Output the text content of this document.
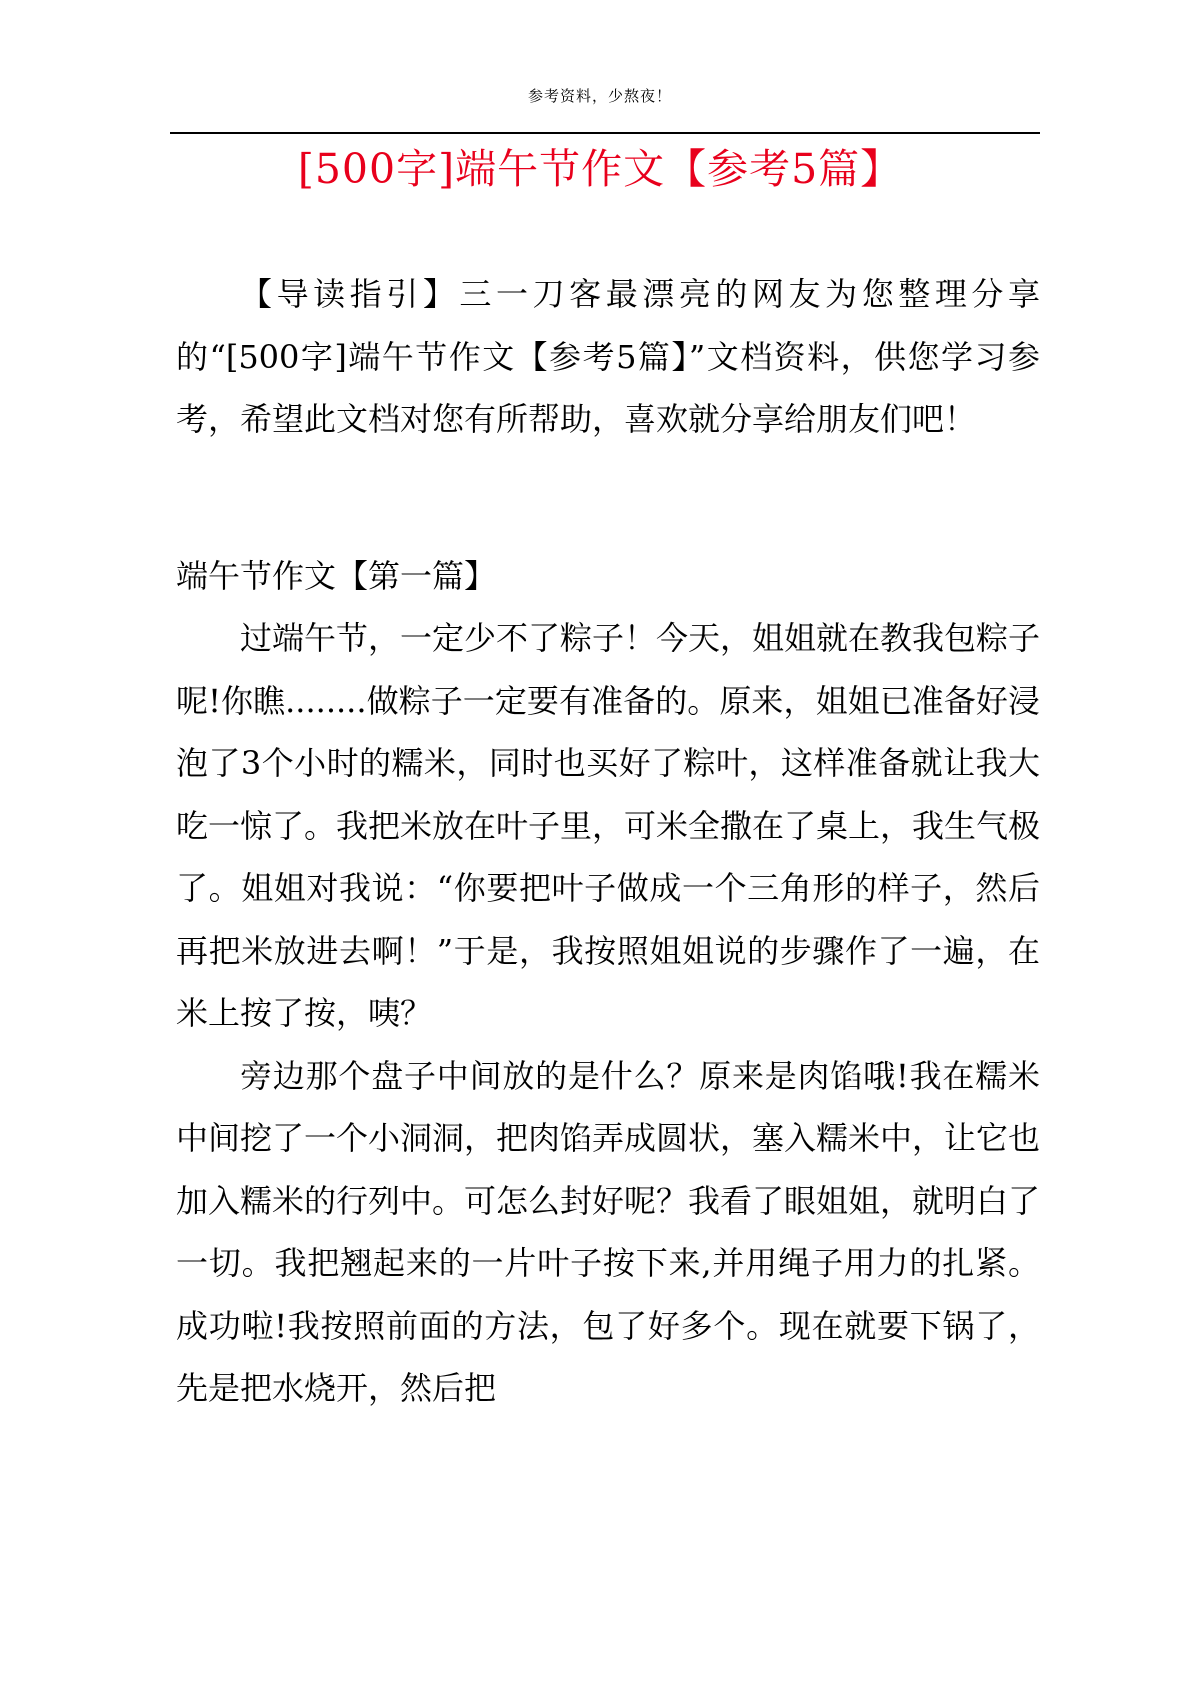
参考资料，少熬夜！
[500字]端午节作文【参考5篇】

【导读指引】三一刀客最漂亮的网友为您整理分享的“[500字]端午节作文【参考5篇】”文档资料，供您学习参考，希望此文档对您有所帮助，喜欢就分享给朋友们吧！

端午节作文【第一篇】

过端午节，一定少不了粽子！今天，姐姐就在教我包粽子呢!你瞧........做粽子一定要有准备的。原来，姐姐已准备好浸泡了3个小时的糯米，同时也买好了粽叶，这样准备就让我大吃一惊了。我把米放在叶子里，可米全撒在了桌上，我生气极了。姐姐对我说：“你要把叶子做成一个三角形的样子，然后再把米放进去啊！”于是，我按照姐姐说的步骤作了一遍，在米上按了按，咦？

旁边那个盘子中间放的是什么？原来是肉馅哦!我在糯米中间挖了一个小洞洞，把肉馅弄成圆状，塞入糯米中，让它也加入糯米的行列中。可怎么封好呢？我看了眼姐姐，就明白了一切。我把翘起来的一片叶子按下来,并用绳子用力的扎紧。成功啦!我按照前面的方法，包了好多个。现在就要下锅了，先是把水烧开，然后把
